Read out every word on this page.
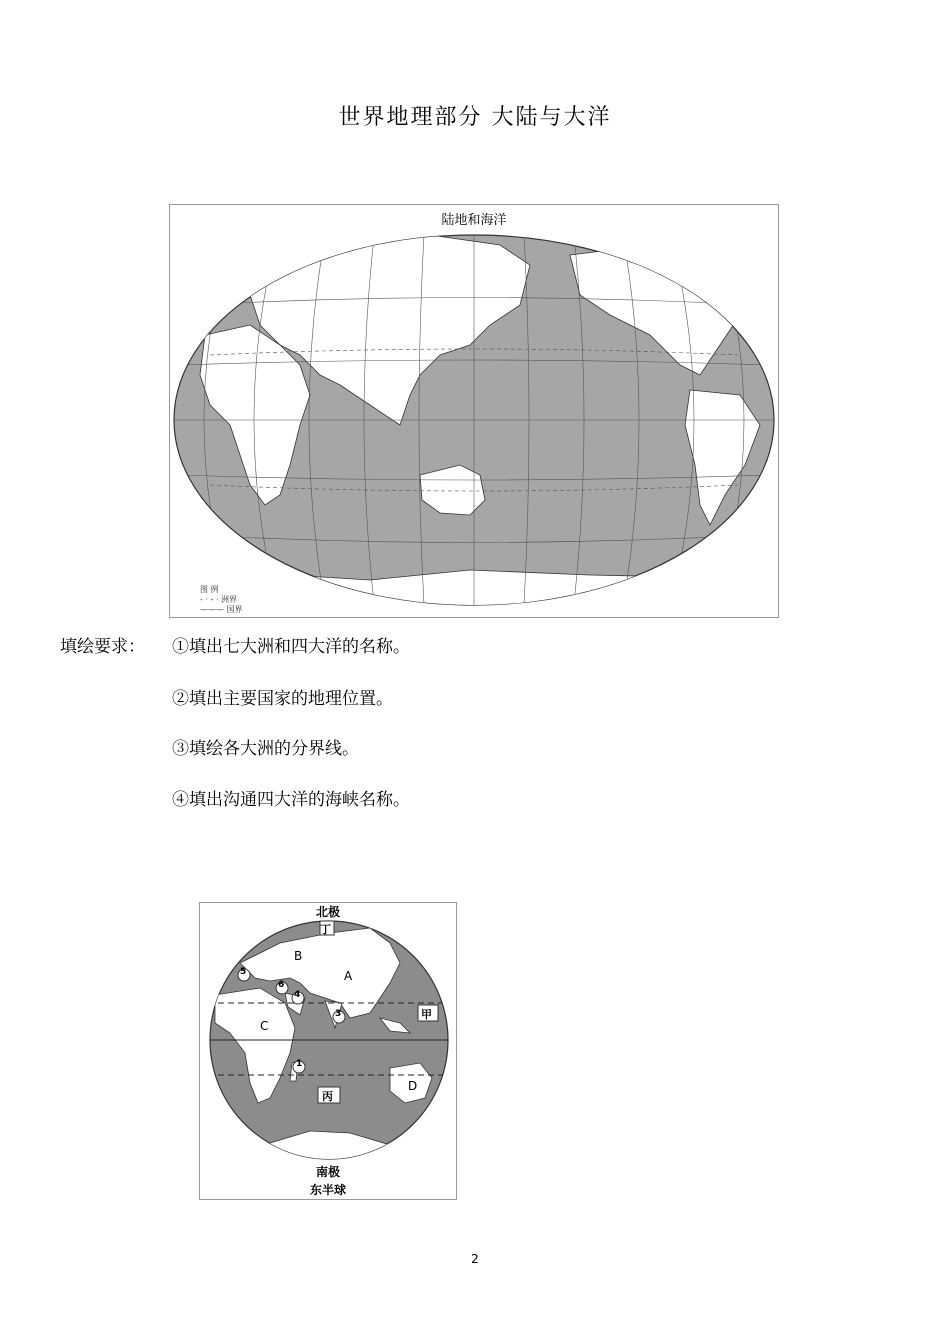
世界地理部分 大陆与大洋
陆地和海洋
图 例
- · - · 洲界
——— 国界
填绘要求： ①填出七大洲和四大洋的名称。
②填出主要国家的地理位置。
③填绘各大洲的分界线。
④填出沟通四大洋的海峡名称。
北极
丁
A
B
C
D
甲
丙
5
6
4
3
1
南极
东半球
2
